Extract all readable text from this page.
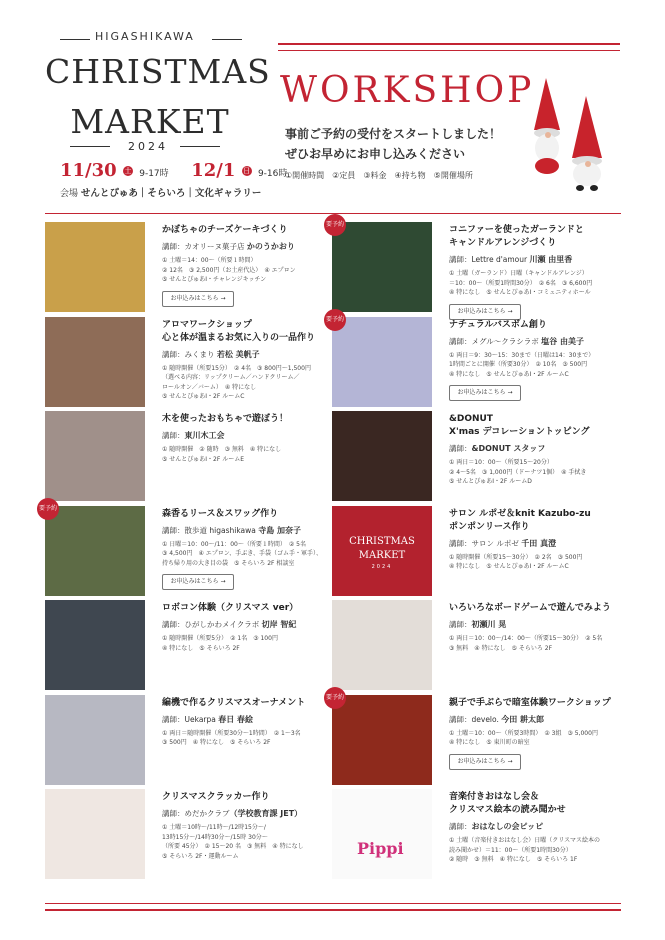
HIGASHIKAWA
CHRISTMAS
MARKET
2024
11/30 土 9-17時 12/1 日 9-16時
会場 せんとぴゅあ｜そらいろ｜文化ギャラリー
WORKSHOP
事前ご予約の受付をスタートしました！
ぜひお早めにお申し込みください
①開催時間　②定員　③料金　④持ち物　⑤開催場所
かぼちゃのチーズケーキづくり
講師：カオリーヌ菓子店 かのうかおり
① 土曜＝14：00～（所要１時間）
② 12名　③ 2,500円（お土産代込）　④ エプロン
⑤ せんとぴゅあⅠ・チャレンジキッチン
お申込みはこちら →
アロマワークショップ
心と体が温まるお気に入りの一品作り
講師：みくまり 若松 美帆子
① 随時開催（所要15分）　② 4名　③ 800円～1,500円
（選べる内容：リップクリーム／ハンドクリーム／
ロールオン／バーム）　④ 特になし
⑤ せんとぴゅあⅠ・2F ルームC
木を使ったおもちゃで遊ぼう！
講師：東川木工会
① 随時開催　② 随時　③ 無料　④ 特になし
⑤ せんとぴゅあⅠ・2F ルームE
要予約
森香るリース＆スワッグ作り
講師：散歩道 higashikawa 寺島 加奈子
① 日曜＝10：00～/11：00～（所要１時間）　② 5名
③ 4,500円　④ エプロン、手ぶき、手袋（ゴム手・軍手）、
持ち帰り用の大き目の袋　⑤ そらいろ 2F 相談室
お申込みはこちら →
ロボコン体験（クリスマス ver）
講師：ひがしかわメイクラボ 切岸 智紀
① 随時開催（所要5分）　② 1名　③ 100円
④ 特になし　⑤ そらいろ 2F
編機で作るクリスマスオーナメント
講師：Uekarpa 春日 春絵
① 両日＝随時開催（所要30分～1時間）　② 1～3名
③ 500円　④ 特になし　⑤ そらいろ 2F
クリスマスクラッカー作り
講師：めだかクラブ（学校教育課 JET）
① 土曜＝10時～/11時～/12時15分～/
13時15分～/14時30分～/15時 30分～
（所要 45分）　② 15～20 名　③ 無料　④ 特になし
⑤ そらいろ 2F・運動ルーム
要予約
コニファーを使ったガーランドと
キャンドルアレンジづくり
講師：Lettre d'amour 川瀬 由里香
① 土曜（ガーランド）日曜（キャンドルアレンジ）
＝10：00～（所要1時間30分）　② 6名　③ 6,600円
④ 特になし　⑤ せんとぴゅあⅠ・コミュニティホール
お申込みはこちら →
要予約
ナチュラルバスボム創り
講師：メグル～クラシラボ 塩谷 由美子
① 両日＝9：30～15：30まで（日曜は14：30まで）
1時間ごとに開催（所要30分）　② 10名　③ 500円
④ 特になし　⑤ せんとぴゅあⅠ・2F ルームC
お申込みはこちら →
&DONUT
X'mas デコレーショントッピング
講師：&DONUT スタッフ
① 両日＝10：00～（所要15～20分）
② 4～5名　③ 1,000円（ドーナツ1個）　④ 手拭き
⑤ せんとぴゅあⅠ・2F ルームD
CHRISTMAS
MARKET
2024
サロン ルポゼ＆knit Kazubo-zu
ポンポンリース作り
講師：サロン ルポゼ 千田 真澄
① 随時開催（所要15～30分）　② 2名　③ 500円
④ 特になし　⑤ せんとぴゅあⅠ・2F ルームC
いろいろなボードゲームで遊んでみよう
講師：初瀬川 晃
① 両日＝10：00～/14：00～（所要15～30分）　② 5名
③ 無料　④ 特になし　⑤ そらいろ 2F
要予約
親子で手ぶらで暗室体験ワークショップ
講師：develo. 今田 耕太郎
① 土曜＝10：00～（所要3時間）　② 3組　③ 5,000円
④ 特になし　⑤ 東川町の暗室
お申込みはこちら →
Pippi
音楽付きおはなし会＆
クリスマス絵本の読み聞かせ
講師：おはなしの会ピッピ
① 土曜（音楽付きおはなし会）日曜（クリスマス絵本の
読み聞かせ）＝11：00～（所要1時間30分）
② 随時　③ 無料　④ 特になし　⑤ そらいろ 1F
